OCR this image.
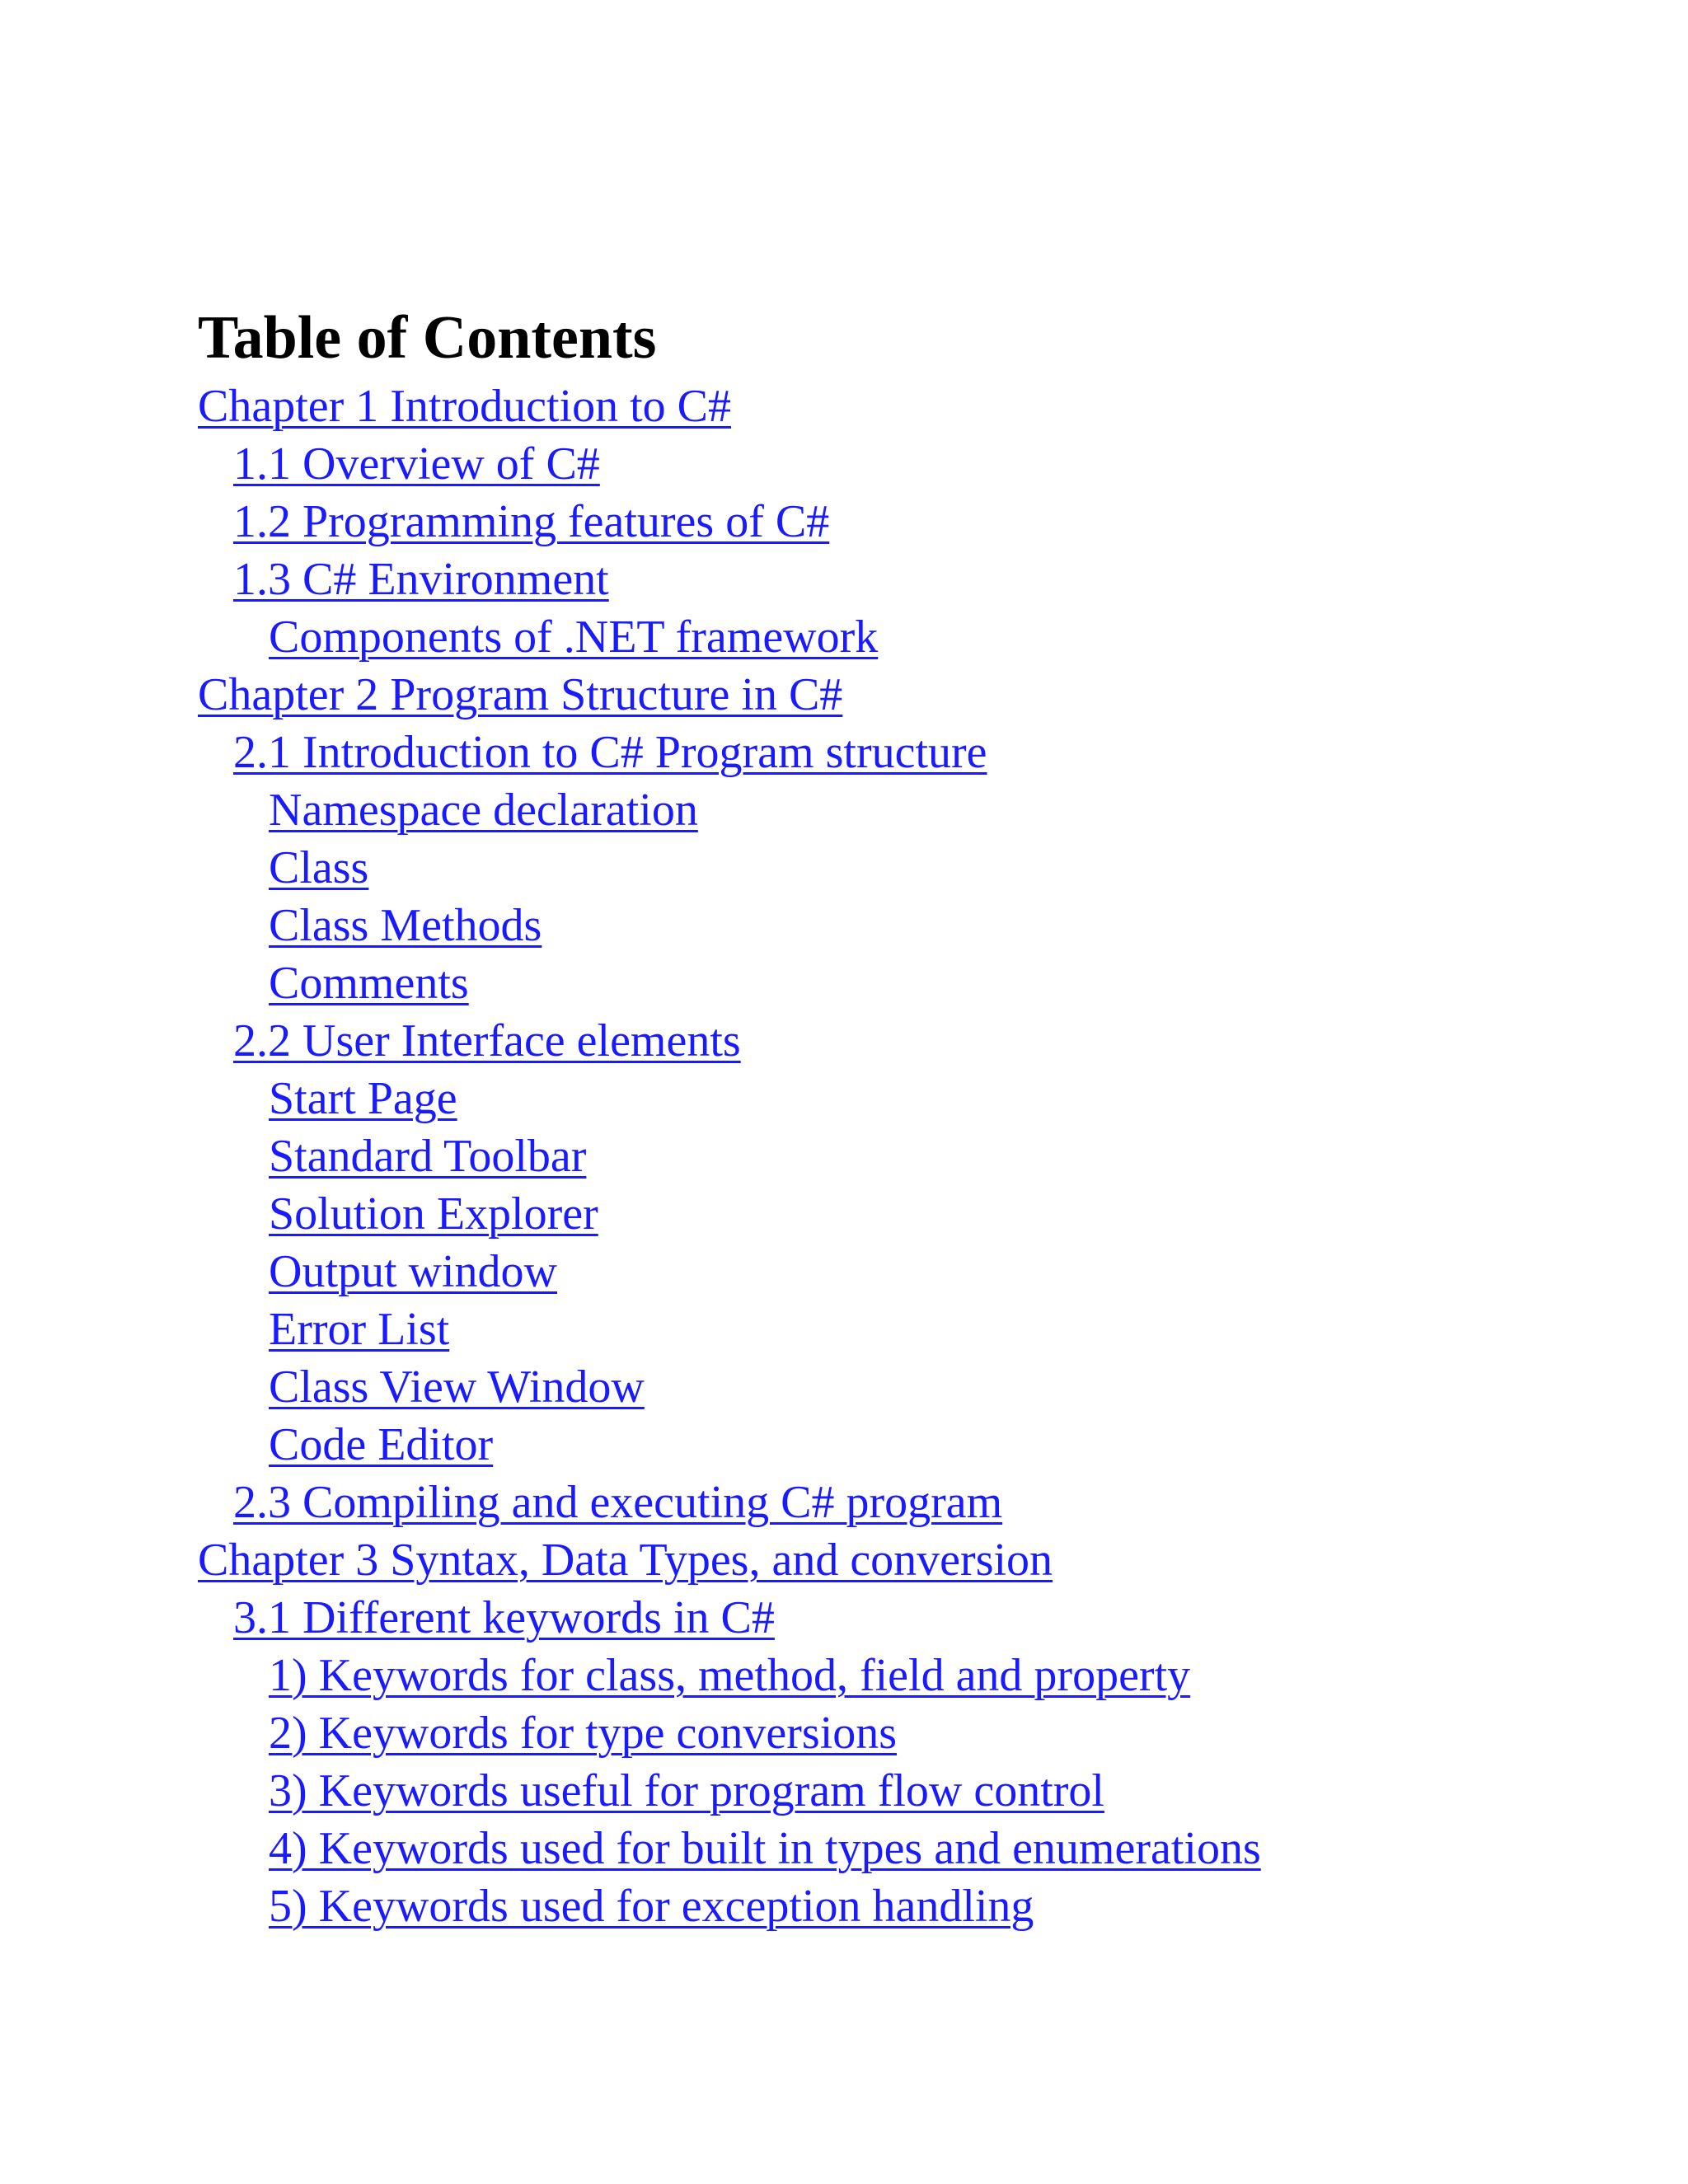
Table of Contents
Chapter 1 Introduction to C#
1.1 Overview of C#
1.2 Programming features of C#
1.3 C# Environment
Components of .NET framework
Chapter 2 Program Structure in C#
2.1 Introduction to C# Program structure
Namespace declaration
Class
Class Methods
Comments
2.2 User Interface elements
Start Page
Standard Toolbar
Solution Explorer
Output window
Error List
Class View Window
Code Editor
2.3 Compiling and executing C# program
Chapter 3 Syntax, Data Types, and conversion
3.1 Different keywords in C#
1) Keywords for class, method, field and property
2) Keywords for type conversions
3) Keywords useful for program flow control
4) Keywords used for built in types and enumerations
5) Keywords used for exception handling
